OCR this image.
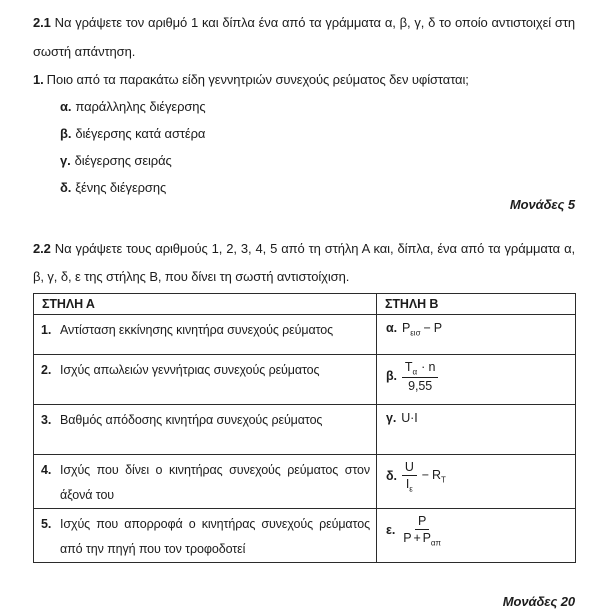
2.1 Να γράψετε τον αριθμό 1 και δίπλα ένα από τα γράμματα α, β, γ, δ το οποίο αντιστοιχεί στη σωστή απάντηση.
1. Ποιο από τα παρακάτω είδη γεννητριών συνεχούς ρεύματος δεν υφίσταται;
α. παράλληλης διέγερσης
β. διέγερσης κατά αστέρα
γ. διέγερσης σειράς
δ. ξένης διέγερσης
Μονάδες 5
2.2 Να γράψετε τους αριθμούς 1, 2, 3, 4, 5 από τη στήλη Α και, δίπλα, ένα από τα γράμματα α, β, γ, δ, ε της στήλης Β, που δίνει τη σωστή αντιστοίχιση.
ΣΤΗΛΗ Α	ΣΤΗΛΗ Β

1. Αντίσταση εκκίνησης κινητήρα συνεχούς ρεύματος	α. $P_{\varepsilon\iota\sigma} - P$

2. Ισχύς απωλειών γεννήτριας συνεχούς ρεύματος	β. $\frac{T_\alpha \cdot n}{9,55}$

3. Βαθμός απόδοσης κινητήρα συνεχούς ρεύματος	γ. U·I

4. Ισχύς που δίνει ο κινητήρας συνεχούς ρεύματος στον άξονά του	δ. $\frac{U}{I_\varepsilon} - R_T$

5. Ισχύς που απορροφά ο κινητήρας συνεχούς ρεύματος από την πηγή που τον τροφοδοτεί	ε. $\frac{P}{P + P_{\alpha\pi}}$
Μονάδες 20
